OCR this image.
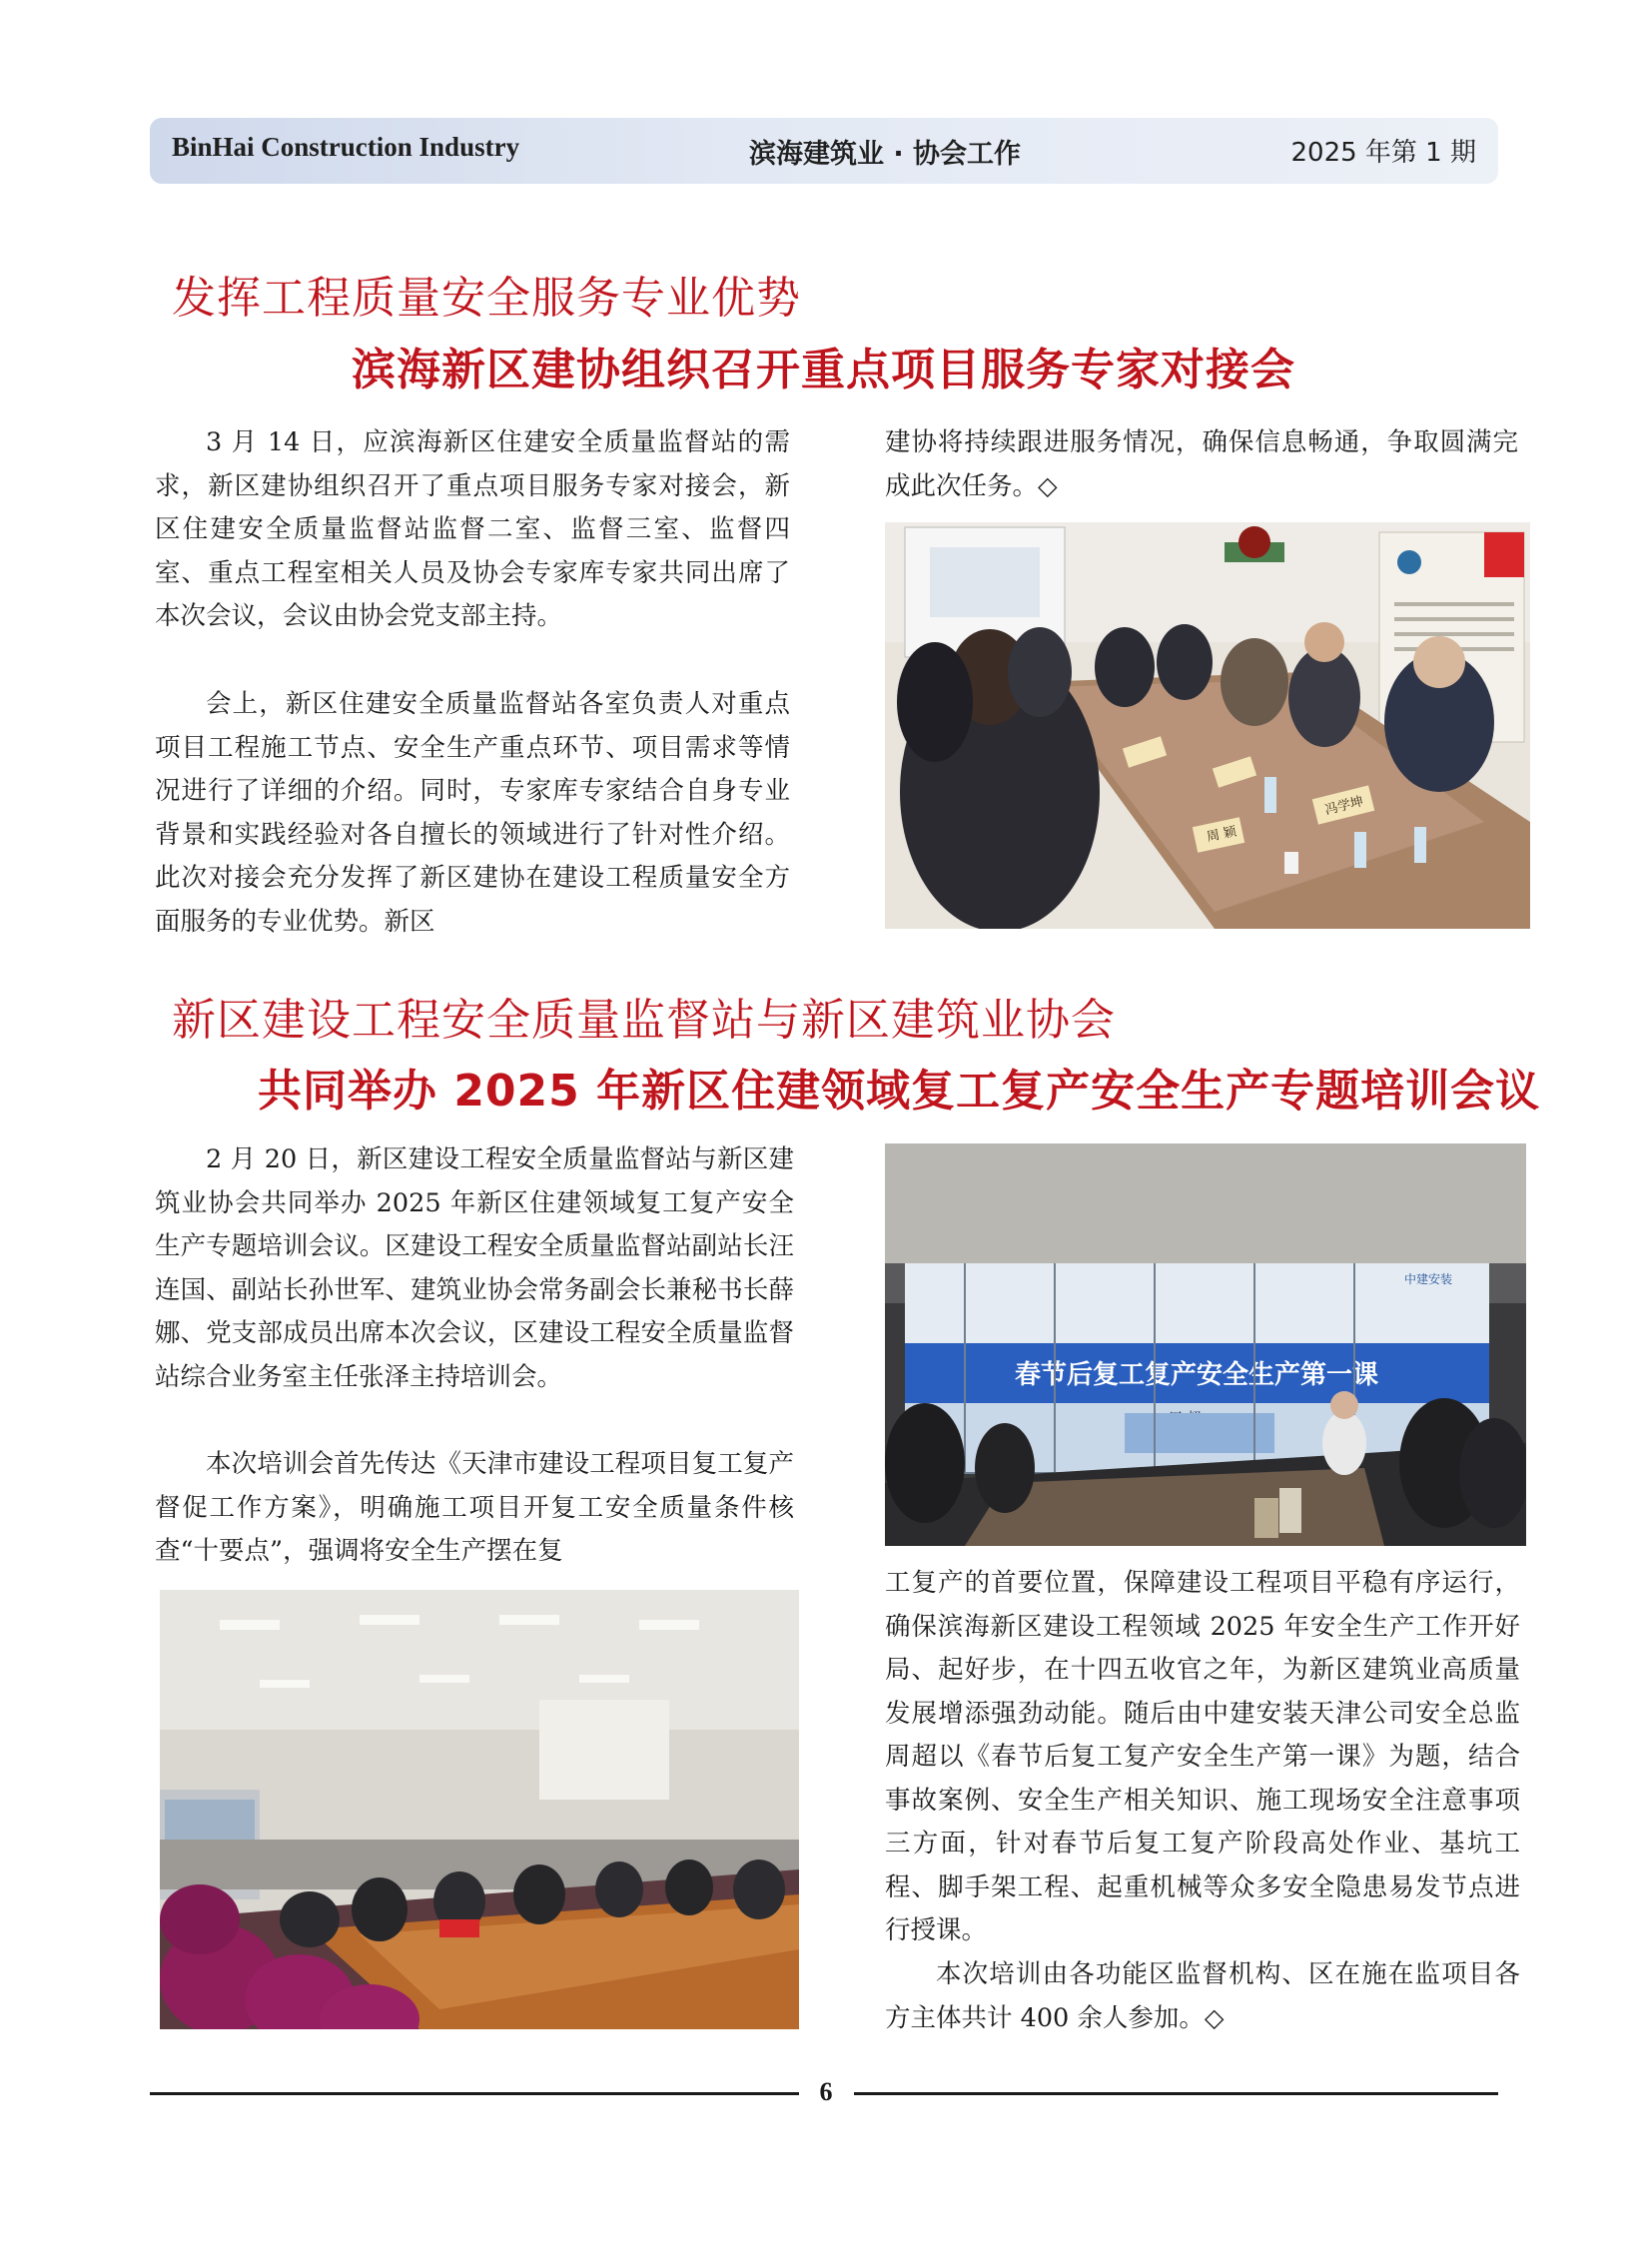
BinHai Construction Industry	滨海建筑业 · 协会工作	2025 年第 1 期
发挥工程质量安全服务专业优势
滨海新区建协组织召开重点项目服务专家对接会

3 月 14 日，应滨海新区住建安全质量监督站的需求，新区建协组织召开了重点项目服务专家对接会，新区住建安全质量监督站监督二室、监督三室、监督四室、重点工程室相关人员及协会专家库专家共同出席了本次会议，会议由协会党支部主持。

会上，新区住建安全质量监督站各室负责人对重点项目工程施工节点、安全生产重点环节、项目需求等情况进行了详细的介绍。同时，专家库专家结合自身专业背景和实践经验对各自擅长的领域进行了针对性介绍。此次对接会充分发挥了新区建协在建设工程质量安全方面服务的专业优势。新区

建协将持续跟进服务情况，确保信息畅通，争取圆满完成此次任务。◇

周 颖
冯学坤
新区建设工程安全质量监督站与新区建筑业协会
共同举办 2025 年新区住建领域复工复产安全生产专题培训会议

2 月 20 日，新区建设工程安全质量监督站与新区建筑业协会共同举办 2025 年新区住建领域复工复产安全生产专题培训会议。区建设工程安全质量监督站副站长汪连国、副站长孙世军、建筑业协会常务副会长兼秘书长薛娜、党支部成员出席本次会议，区建设工程安全质量监督站综合业务室主任张泽主持培训会。

本次培训会首先传达《天津市建设工程项目复工复产督促工作方案》，明确施工项目开复工安全质量条件核查“十要点”，强调将安全生产摆在复

春节后复工复产安全生产第一课
中建安装

工复产的首要位置，保障建设工程项目平稳有序运行，确保滨海新区建设工程领域 2025 年安全生产工作开好局、起好步，在十四五收官之年，为新区建筑业高质量发展增添强劲动能。随后由中建安装天津公司安全总监周超以《春节后复工复产安全生产第一课》为题，结合事故案例、安全生产相关知识、施工现场安全注意事项三方面，针对春节后复工复产阶段高处作业、基坑工程、脚手架工程、起重机械等众多安全隐患易发节点进行授课。

本次培训由各功能区监督机构、区在施在监项目各方主体共计 400 余人参加。◇

6
